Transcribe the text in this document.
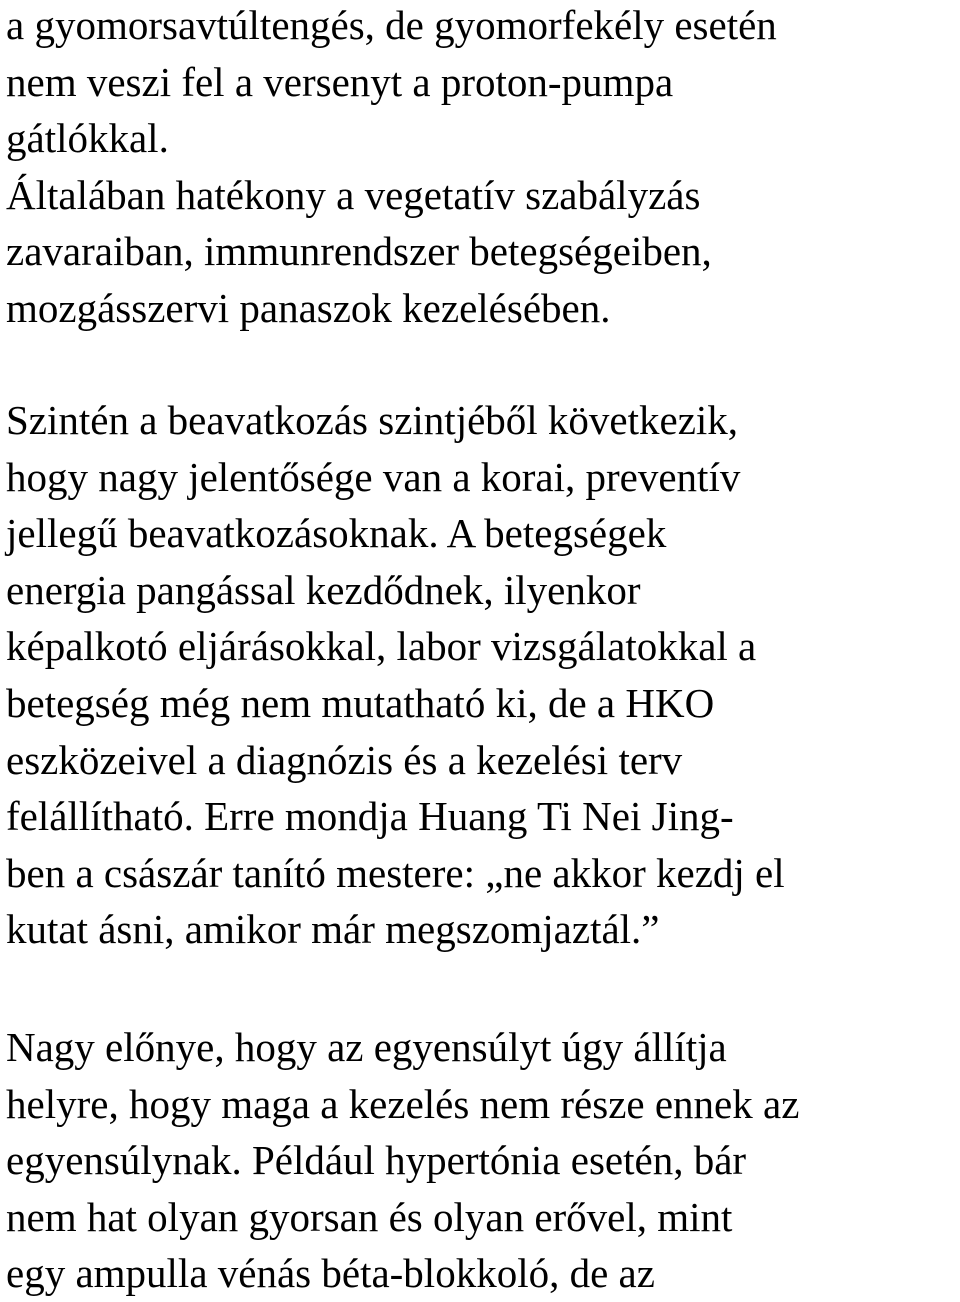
a gyomorsavtúltengés, de gyomorfekély esetén
nem veszi fel a versenyt a proton-pumpa
gátlókkal.
Általában hatékony a vegetatív szabályzás
zavaraiban, immunrendszer betegségeiben,
mozgásszervi panaszok kezelésében.
Szintén a beavatkozás szintjéből következik,
hogy nagy jelentősége van a korai, preventív
jellegű beavatkozásoknak. A betegségek
energia pangással kezdődnek, ilyenkor
képalkotó eljárásokkal, labor vizsgálatokkal a
betegség még nem mutatható ki, de a HKO
eszközeivel a diagnózis és a kezelési terv
felállítható. Erre mondja Huang Ti Nei Jing-
ben a császár tanító mestere: „ne akkor kezdj el
kutat ásni, amikor már megszomjaztál.”
Nagy előnye, hogy az egyensúlyt úgy állítja
helyre, hogy maga a kezelés nem része ennek az
egyensúlynak. Például hypertónia esetén, bár
nem hat olyan gyorsan és olyan erővel, mint
egy ampulla vénás béta-blokkoló, de az
